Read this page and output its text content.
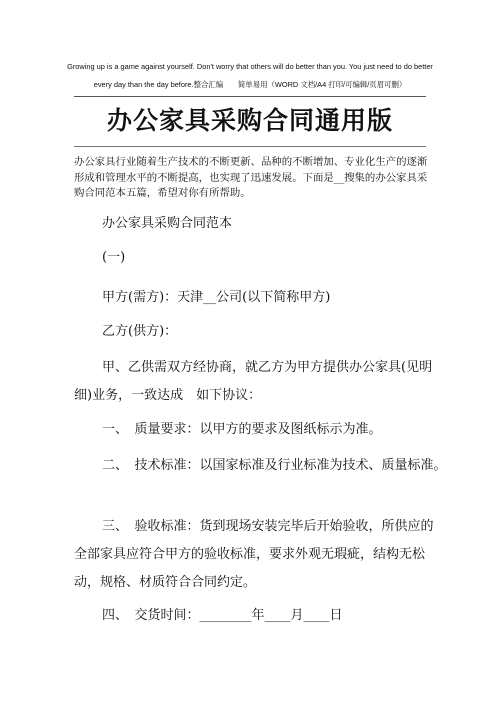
Growing up is a game against yourself. Don't worry that others will do better than you. You just need to do better
every day than the day before.整合汇编　　简单易用（WORD 文档/A4 打印/可编辑/页眉可删）
办公家具采购合同通用版
办公家具行业随着生产技术的不断更新、品种的不断增加、专业化生产的逐渐形成和管理水平的不断提高，也实现了迅速发展。下面是__搜集的办公家具采购合同范本五篇，希望对你有所帮助。
办公家具采购合同范本
(一)
甲方(需方)：天津__公司(以下简称甲方)
乙方(供方)：
甲、乙供需双方经协商，就乙方为甲方提供办公家具(见明细)业务，一致达成　如下协议：
一、　质量要求：以甲方的要求及图纸标示为准。
二、　技术标准：以国家标准及行业标准为技术、质量标准。
三、　验收标准：货到现场安装完毕后开始验收，所供应的全部家具应符合甲方的验收标准，要求外观无瑕疵，结构无松动，规格、材质符合合同约定。
四、　交货时间：________年____月____日
